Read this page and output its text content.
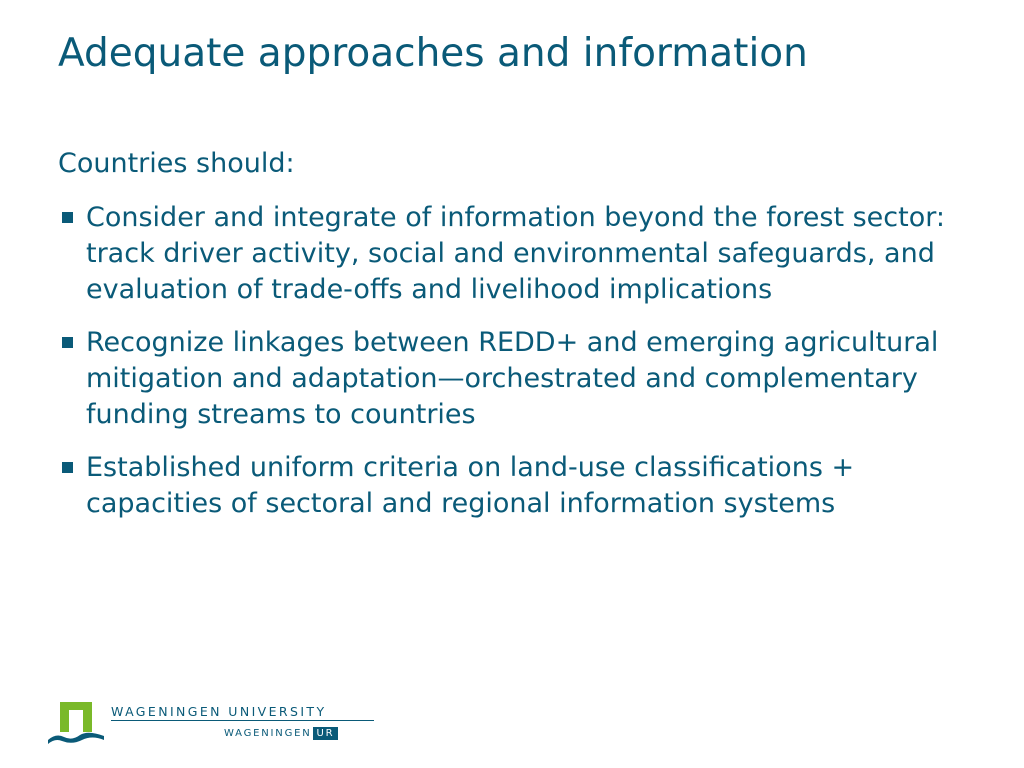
Adequate approaches and information

Countries should:

Consider and integrate of information beyond the forest sector: track driver activity, social and environmental safeguards, and evaluation of trade-offs and livelihood implications
Recognize linkages between REDD+ and emerging agricultural mitigation and adaptation—orchestrated and complementary funding streams to countries
Established uniform criteria on land-use classifications + capacities of sectoral and regional information systems
WAGENINGEN UNIVERSITY
WAGENINGEN UR
